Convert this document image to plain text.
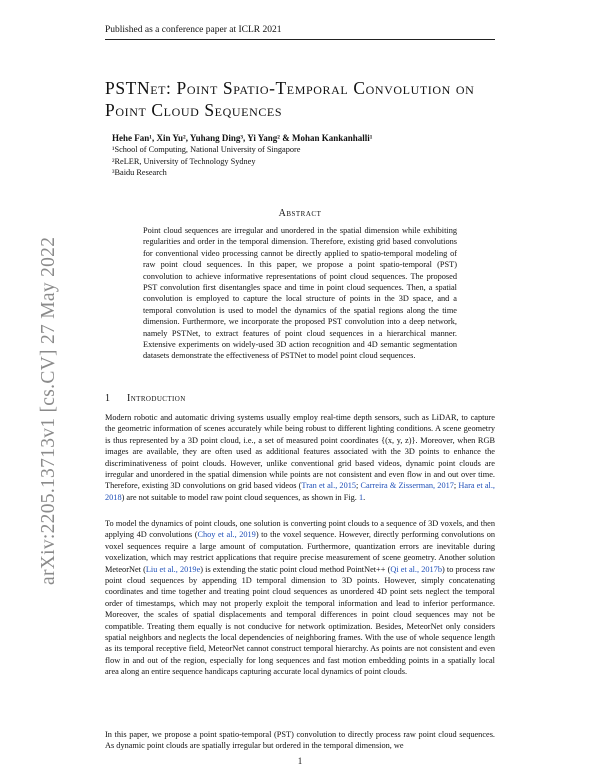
Published as a conference paper at ICLR 2021
arXiv:2205.13713v1 [cs.CV] 27 May 2022
PSTNet: Point Spatio-Temporal Convolution on Point Cloud Sequences
Hehe Fan¹, Xin Yu², Yuhang Ding³, Yi Yang² & Mohan Kankanhalli¹
¹School of Computing, National University of Singapore
²ReLER, University of Technology Sydney
³Baidu Research
Abstract
Point cloud sequences are irregular and unordered in the spatial dimension while exhibiting regularities and order in the temporal dimension. Therefore, existing grid based convolutions for conventional video processing cannot be directly applied to spatio-temporal modeling of raw point cloud sequences. In this paper, we propose a point spatio-temporal (PST) convolution to achieve informative representations of point cloud sequences. The proposed PST convolution first disentangles space and time in point cloud sequences. Then, a spatial convolution is employed to capture the local structure of points in the 3D space, and a temporal convolution is used to model the dynamics of the spatial regions along the time dimension. Furthermore, we incorporate the proposed PST convolution into a deep network, namely PSTNet, to extract features of point cloud sequences in a hierarchical manner. Extensive experiments on widely-used 3D action recognition and 4D semantic segmentation datasets demonstrate the effectiveness of PSTNet to model point cloud sequences.
1 Introduction

Modern robotic and automatic driving systems usually employ real-time depth sensors, such as LiDAR, to capture the geometric information of scenes accurately while being robust to different lighting conditions. A scene geometry is thus represented by a 3D point cloud, i.e., a set of measured point coordinates {(x, y, z)}. Moreover, when RGB images are available, they are often used as additional features associated with the 3D points to enhance the discriminativeness of point clouds. However, unlike conventional grid based videos, dynamic point clouds are irregular and unordered in the spatial dimension while points are not consistent and even flow in and out over time. Therefore, existing 3D convolutions on grid based videos (Tran et al., 2015; Carreira & Zisserman, 2017; Hara et al., 2018) are not suitable to model raw point cloud sequences, as shown in Fig. 1.

To model the dynamics of point clouds, one solution is converting point clouds to a sequence of 3D voxels, and then applying 4D convolutions (Choy et al., 2019) to the voxel sequence. However, directly performing convolutions on voxel sequences require a large amount of computation. Furthermore, quantization errors are inevitable during voxelization, which may restrict applications that require precise measurement of scene geometry. Another solution MeteorNet (Liu et al., 2019e) is extending the static point cloud method PointNet++ (Qi et al., 2017b) to process raw point cloud sequences by appending 1D temporal dimension to 3D points. However, simply concatenating coordinates and time together and treating point cloud sequences as unordered 4D point sets neglect the temporal order of timestamps, which may not properly exploit the temporal information and lead to inferior performance. Moreover, the scales of spatial displacements and temporal differences in point cloud sequences may not be compatible. Treating them equally is not conducive for network optimization. Besides, MeteorNet only considers spatial neighbors and neglects the local dependencies of neighboring frames. With the use of whole sequence length as its temporal receptive field, MeteorNet cannot construct temporal hierarchy. As points are not consistent and even flow in and out of the region, especially for long sequences and fast motion embedding points in a spatially local area along an entire sequence handicaps capturing accurate local dynamics of point clouds.

In this paper, we propose a point spatio-temporal (PST) convolution to directly process raw point cloud sequences. As dynamic point clouds are spatially irregular but ordered in the temporal dimension, we

1
